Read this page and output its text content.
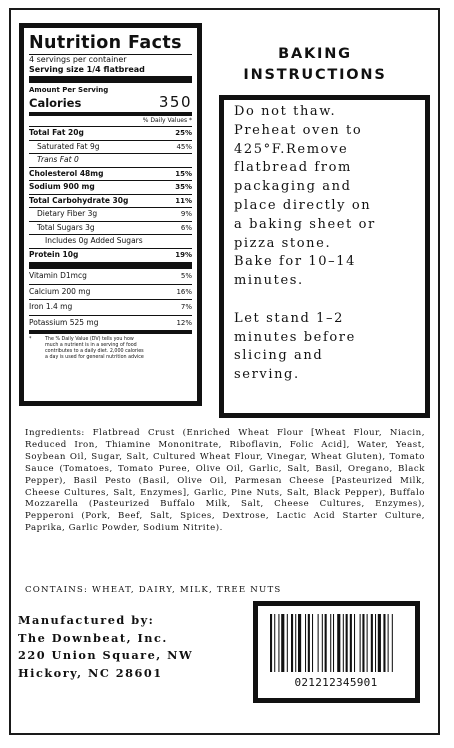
Nutrition Facts
4 servings per container
Serving size 1/4 flatbread
Amount Per Serving
Calories	350
% Daily Values *
Total Fat 20g	25%
Saturated Fat 9g	45%
Trans Fat 0
Cholesterol 48mg	15%
Sodium 900 mg	35%
Total Carbohydrate 30g	11%
Dietary Fiber 3g	9%
Total Sugars 3g	6%
Includes 0g Added Sugars
Protein 10g	19%
Vitamin D1mcg	5%
Calcium 200 mg	16%
Iron 1.4 mg	7%
Potassium 525 mg	12%
*	The % Daily Value (DV) tells you how much a nutrient is in a serving of food contributes to a daily diet. 2,000 calories a day is used for general nutrition advice
BAKING INSTRUCTIONS
Do not thaw.
Preheat oven to
425°F.Remove
flatbread from
packaging and
place directly on
a baking sheet or
pizza stone.
Bake for 10–14
minutes.

Let stand 1–2
minutes before
slicing and
serving.
Ingredients: Flatbread Crust (Enriched Wheat Flour [Wheat Flour, Niacin, Reduced Iron, Thiamine Mononitrate, Riboflavin, Folic Acid], Water, Yeast, Soybean Oil, Sugar, Salt, Cultured Wheat Flour, Vinegar, Wheat Gluten), Tomato Sauce (Tomatoes, Tomato Puree, Olive Oil, Garlic, Salt, Basil, Oregano, Black Pepper), Basil Pesto (Basil, Olive Oil, Parmesan Cheese [Pasteurized Milk, Cheese Cultures, Salt, Enzymes], Garlic, Pine Nuts, Salt, Black Pepper), Buffalo Mozzarella (Pasteurized Buffalo Milk, Salt, Cheese Cultures, Enzymes), Pepperoni (Pork, Beef, Salt, Spices, Dextrose, Lactic Acid Starter Culture, Paprika, Garlic Powder, Sodium Nitrite).
CONTAINS: WHEAT, DAIRY, MILK, TREE NUTS
Manufactured by:
The Downbeat, Inc.
220 Union Square, NW
Hickory, NC 28601
021212345901
